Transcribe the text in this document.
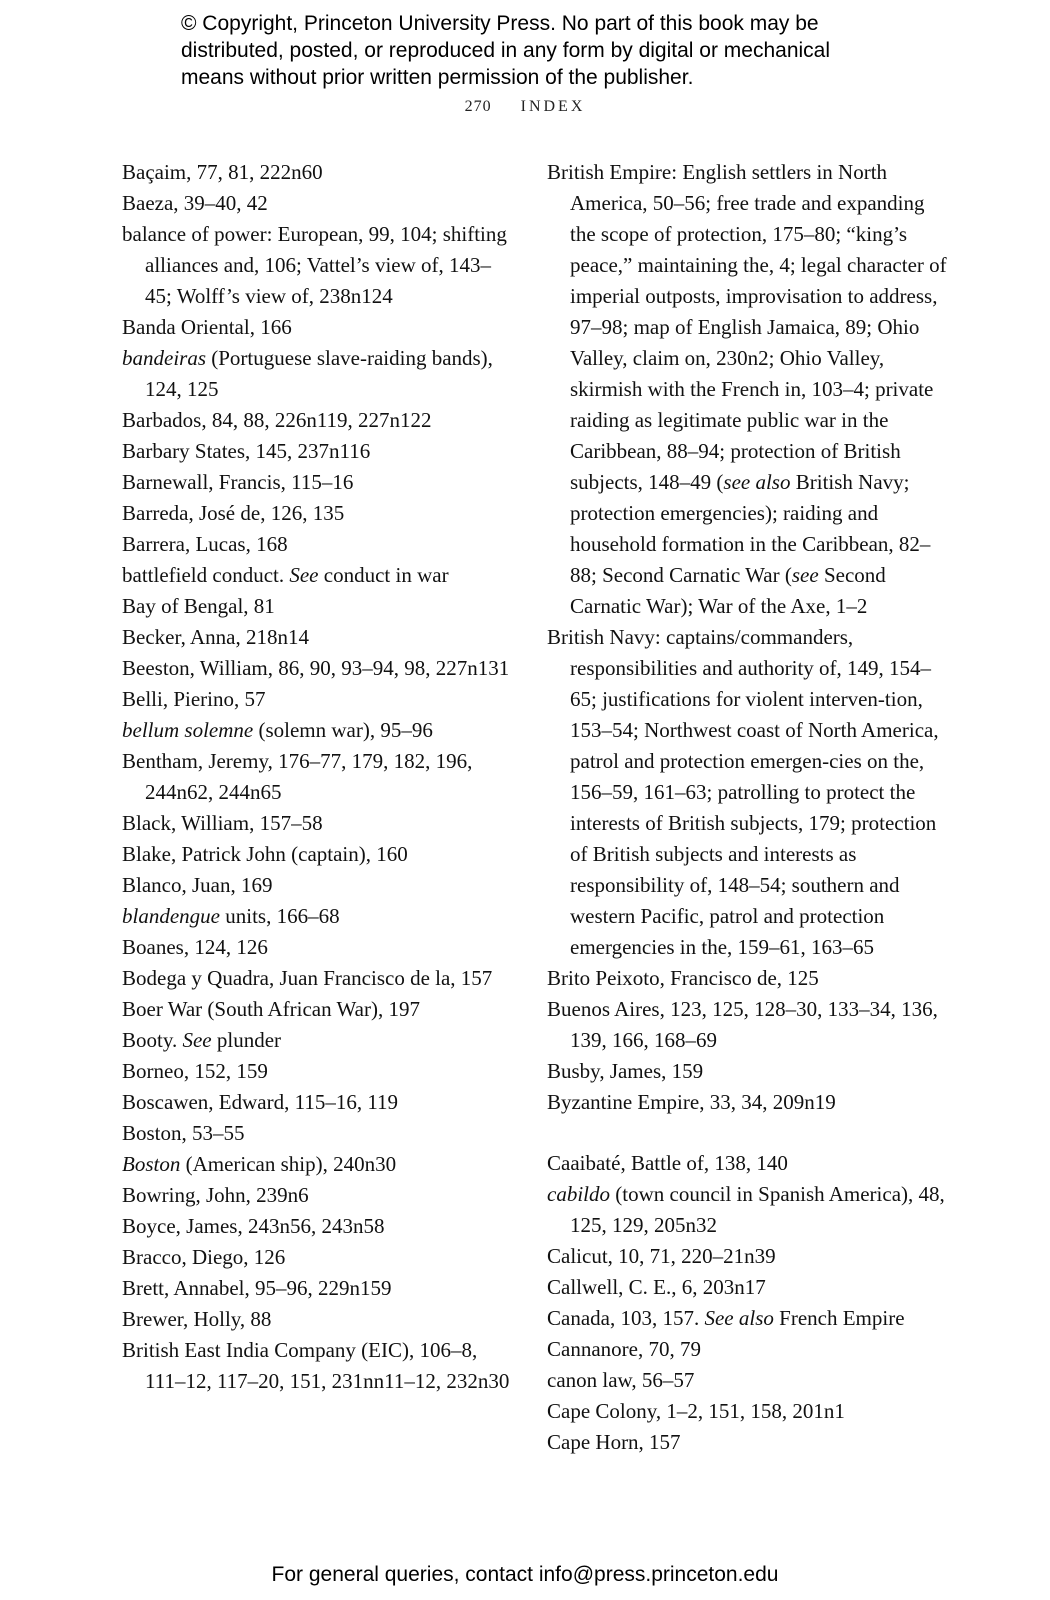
© Copyright, Princeton University Press. No part of this book may be
distributed, posted, or reproduced in any form by digital or mechanical
means without prior written permission of the publisher.
270 INDEX
Baçaim, 77, 81, 222n60
Baeza, 39–40, 42
balance of power: European, 99, 104; shifting alliances and, 106; Vattel’s view of, 143–45; Wolff’s view of, 238n124
Banda Oriental, 166
bandeiras (Portuguese slave-raiding bands), 124, 125
Barbados, 84, 88, 226n119, 227n122
Barbary States, 145, 237n116
Barnewall, Francis, 115–16
Barreda, José de, 126, 135
Barrera, Lucas, 168
battlefield conduct. See conduct in war
Bay of Bengal, 81
Becker, Anna, 218n14
Beeston, William, 86, 90, 93–94, 98, 227n131
Belli, Pierino, 57
bellum solemne (solemn war), 95–96
Bentham, Jeremy, 176–77, 179, 182, 196, 244n62, 244n65
Black, William, 157–58
Blake, Patrick John (captain), 160
Blanco, Juan, 169
blandengue units, 166–68
Boanes, 124, 126
Bodega y Quadra, Juan Francisco de la, 157
Boer War (South African War), 197
Booty. See plunder
Borneo, 152, 159
Boscawen, Edward, 115–16, 119
Boston, 53–55
Boston (American ship), 240n30
Bowring, John, 239n6
Boyce, James, 243n56, 243n58
Bracco, Diego, 126
Brett, Annabel, 95–96, 229n159
Brewer, Holly, 88
British East India Company (EIC), 106–8, 111–12, 117–20, 151, 231nn11–12, 232n30
British Empire: English settlers in North America, 50–56; free trade and expanding the scope of protection, 175–80; “king’s peace,” maintaining the, 4; legal character of imperial outposts, improvisation to address, 97–98; map of English Jamaica, 89; Ohio Valley, claim on, 230n2; Ohio Valley, skirmish with the French in, 103–4; private raiding as legitimate public war in the Caribbean, 88–94; protection of British subjects, 148–49 (see also British Navy; protection emergencies); raiding and household formation in the Caribbean, 82–88; Second Carnatic War (see Second Carnatic War); War of the Axe, 1–2
British Navy: captains/commanders, responsibilities and authority of, 149, 154–65; justifications for violent interven-tion, 153–54; Northwest coast of North America, patrol and protection emergen-cies on the, 156–59, 161–63; patrolling to protect the interests of British subjects, 179; protection of British subjects and interests as responsibility of, 148–54; southern and western Pacific, patrol and protection emergencies in the, 159–61, 163–65
Brito Peixoto, Francisco de, 125
Buenos Aires, 123, 125, 128–30, 133–34, 136, 139, 166, 168–69
Busby, James, 159
Byzantine Empire, 33, 34, 209n19
Caaibaté, Battle of, 138, 140
cabildo (town council in Spanish America), 48, 125, 129, 205n32
Calicut, 10, 71, 220–21n39
Callwell, C. E., 6, 203n17
Canada, 103, 157. See also French Empire
Cannanore, 70, 79
canon law, 56–57
Cape Colony, 1–2, 151, 158, 201n1
Cape Horn, 157
For general queries, contact info@press.princeton.edu
